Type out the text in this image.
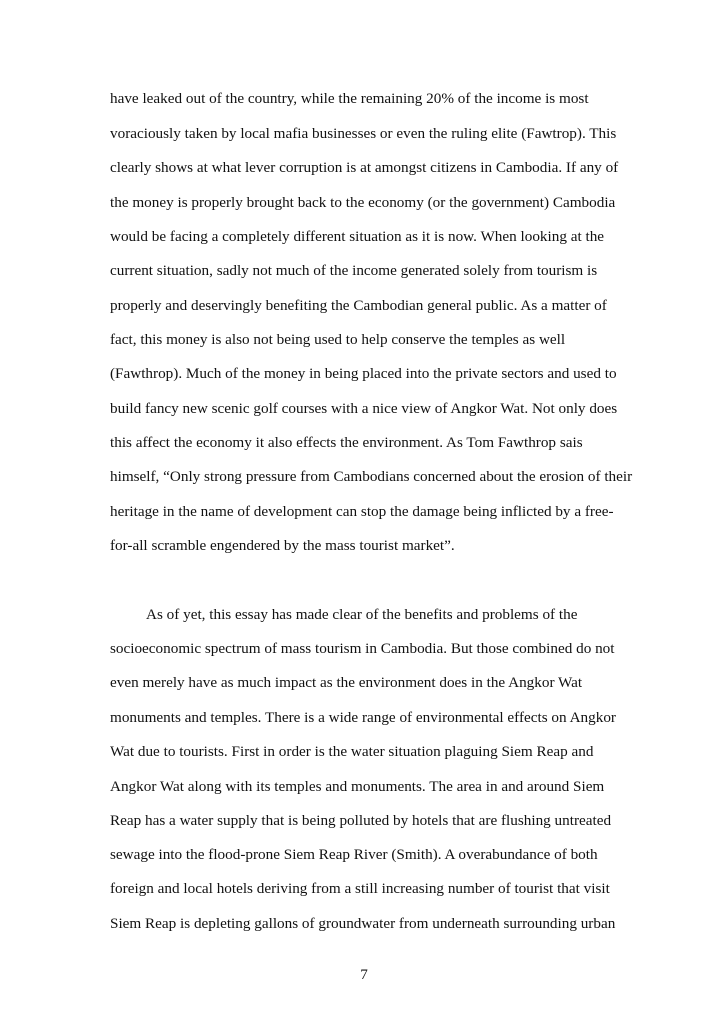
have leaked out of the country, while the remaining 20% of the income is most
voraciously taken by local mafia businesses or even the ruling elite (Fawtrop). This
clearly shows at what lever corruption is at amongst citizens in Cambodia. If any of
the money is properly brought back to the economy (or the government) Cambodia
would be facing a completely different situation as it is now. When looking at the
current situation, sadly not much of the income generated solely from tourism is
properly and deservingly benefiting the Cambodian general public. As a matter of
fact, this money is also not being used to help conserve the temples as well
(Fawthrop). Much of the money in being placed into the private sectors and used to
build fancy new scenic golf courses with a nice view of Angkor Wat. Not only does
this affect the economy it also effects the environment. As Tom Fawthrop sais
himself, “Only strong pressure from Cambodians concerned about the erosion of their
heritage in the name of development can stop the damage being inflicted by a free-
for-all scramble engendered by the mass tourist market”.
As of yet, this essay has made clear of the benefits and problems of the
socioeconomic spectrum of mass tourism in Cambodia. But those combined do not
even merely have as much impact as the environment does in the Angkor Wat
monuments and temples. There is a wide range of environmental effects on Angkor
Wat due to tourists. First in order is the water situation plaguing Siem Reap and
Angkor Wat along with its temples and monuments. The area in and around Siem
Reap has a water supply that is being polluted by hotels that are flushing untreated
sewage into the flood-prone Siem Reap River (Smith). A overabundance of both
foreign and local hotels deriving from a still increasing number of tourist that visit
Siem Reap is depleting gallons of groundwater from underneath surrounding urban
7
